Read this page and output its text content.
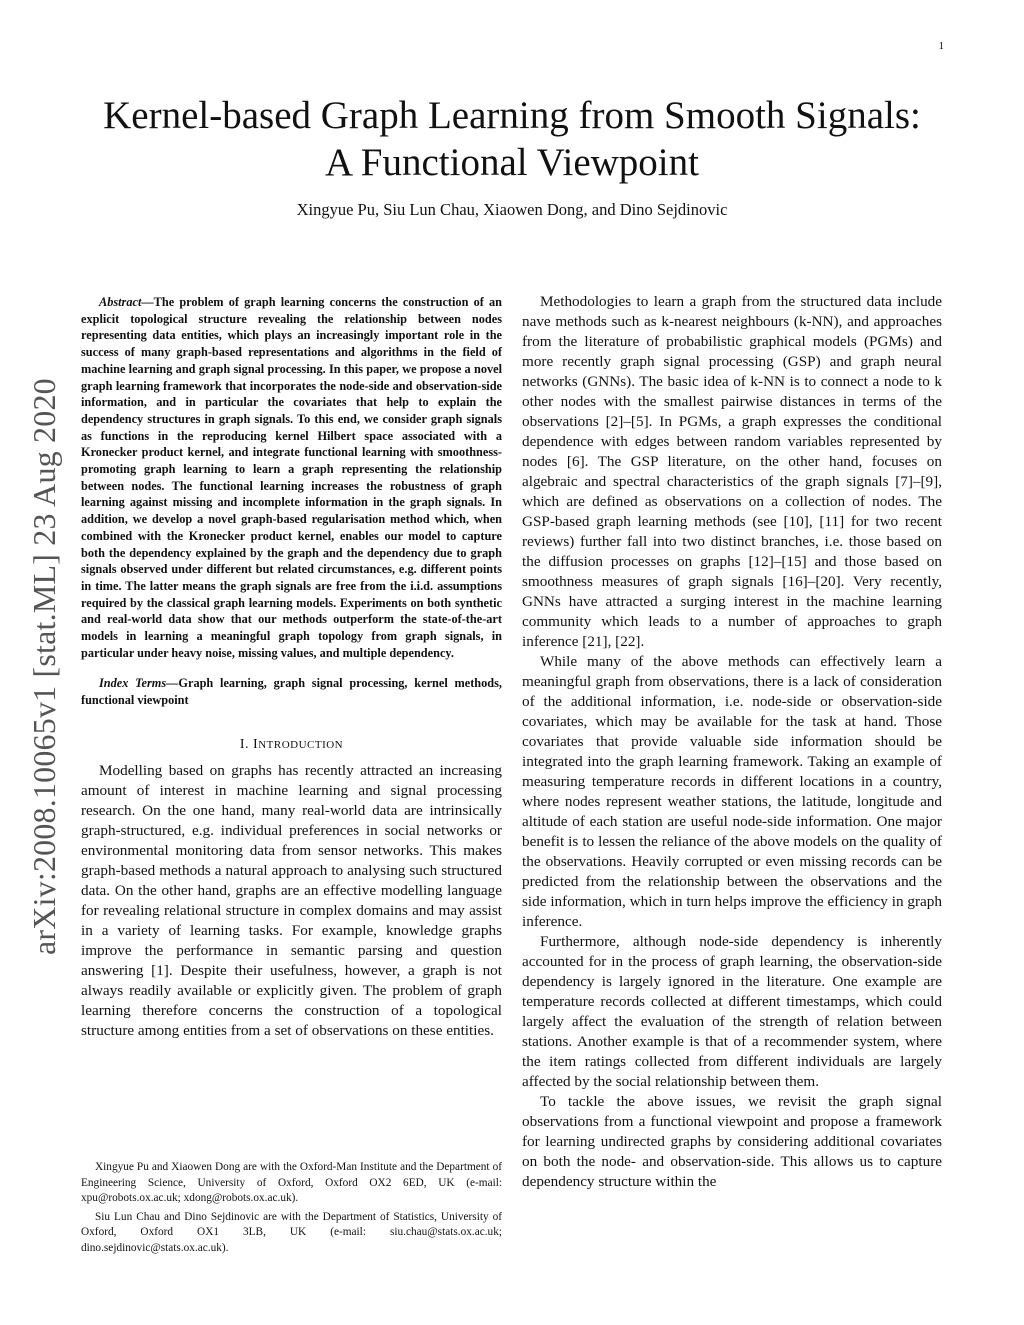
1
Kernel-based Graph Learning from Smooth Signals:
A Functional Viewpoint
Xingyue Pu, Siu Lun Chau, Xiaowen Dong, and Dino Sejdinovic
arXiv:2008.10065v1 [stat.ML] 23 Aug 2020

Abstract—The problem of graph learning concerns the construction of an explicit topological structure revealing the relationship between nodes representing data entities, which plays an increasingly important role in the success of many graph-based representations and algorithms in the field of machine learning and graph signal processing. In this paper, we propose a novel graph learning framework that incorporates the node-side and observation-side information, and in particular the covariates that help to explain the dependency structures in graph signals. To this end, we consider graph signals as functions in the reproducing kernel Hilbert space associated with a Kronecker product kernel, and integrate functional learning with smoothness-promoting graph learning to learn a graph representing the relationship between nodes. The functional learning increases the robustness of graph learning against missing and incomplete information in the graph signals. In addition, we develop a novel graph-based regularisation method which, when combined with the Kronecker product kernel, enables our model to capture both the dependency explained by the graph and the dependency due to graph signals observed under different but related circumstances, e.g. different points in time. The latter means the graph signals are free from the i.i.d. assumptions required by the classical graph learning models. Experiments on both synthetic and real-world data show that our methods outperform the state-of-the-art models in learning a meaningful graph topology from graph signals, in particular under heavy noise, missing values, and multiple dependency.

Index Terms—Graph learning, graph signal processing, kernel methods, functional viewpoint

I. INTRODUCTION

Modelling based on graphs has recently attracted an increasing amount of interest in machine learning and signal processing research. On the one hand, many real-world data are intrinsically graph-structured, e.g. individual preferences in social networks or environmental monitoring data from sensor networks. This makes graph-based methods a natural approach to analysing such structured data. On the other hand, graphs are an effective modelling language for revealing relational structure in complex domains and may assist in a variety of learning tasks. For example, knowledge graphs improve the performance in semantic parsing and question answering [1]. Despite their usefulness, however, a graph is not always readily available or explicitly given. The problem of graph learning therefore concerns the construction of a topological structure among entities from a set of observations on these entities.

Xingyue Pu and Xiaowen Dong are with the Oxford-Man Institute and the Department of Engineering Science, University of Oxford, Oxford OX2 6ED, UK (e-mail: xpu@robots.ox.ac.uk; xdong@robots.ox.ac.uk).

Siu Lun Chau and Dino Sejdinovic are with the Department of Statistics, University of Oxford, Oxford OX1 3LB, UK (e-mail: siu.chau@stats.ox.ac.uk; dino.sejdinovic@stats.ox.ac.uk).

Methodologies to learn a graph from the structured data include nave methods such as k-nearest neighbours (k-NN), and approaches from the literature of probabilistic graphical models (PGMs) and more recently graph signal processing (GSP) and graph neural networks (GNNs). The basic idea of k-NN is to connect a node to k other nodes with the smallest pairwise distances in terms of the observations [2]–[5]. In PGMs, a graph expresses the conditional dependence with edges between random variables represented by nodes [6]. The GSP literature, on the other hand, focuses on algebraic and spectral characteristics of the graph signals [7]–[9], which are defined as observations on a collection of nodes. The GSP-based graph learning methods (see [10], [11] for two recent reviews) further fall into two distinct branches, i.e. those based on the diffusion processes on graphs [12]–[15] and those based on smoothness measures of graph signals [16]–[20]. Very recently, GNNs have attracted a surging interest in the machine learning community which leads to a number of approaches to graph inference [21], [22].

While many of the above methods can effectively learn a meaningful graph from observations, there is a lack of consideration of the additional information, i.e. node-side or observation-side covariates, which may be available for the task at hand. Those covariates that provide valuable side information should be integrated into the graph learning framework. Taking an example of measuring temperature records in different locations in a country, where nodes represent weather stations, the latitude, longitude and altitude of each station are useful node-side information. One major benefit is to lessen the reliance of the above models on the quality of the observations. Heavily corrupted or even missing records can be predicted from the relationship between the observations and the side information, which in turn helps improve the efficiency in graph inference.

Furthermore, although node-side dependency is inherently accounted for in the process of graph learning, the observation-side dependency is largely ignored in the literature. One example are temperature records collected at different timestamps, which could largely affect the evaluation of the strength of relation between stations. Another example is that of a recommender system, where the item ratings collected from different individuals are largely affected by the social relationship between them.

To tackle the above issues, we revisit the graph signal observations from a functional viewpoint and propose a framework for learning undirected graphs by considering additional covariates on both the node- and observation-side. This allows us to capture dependency structure within the
